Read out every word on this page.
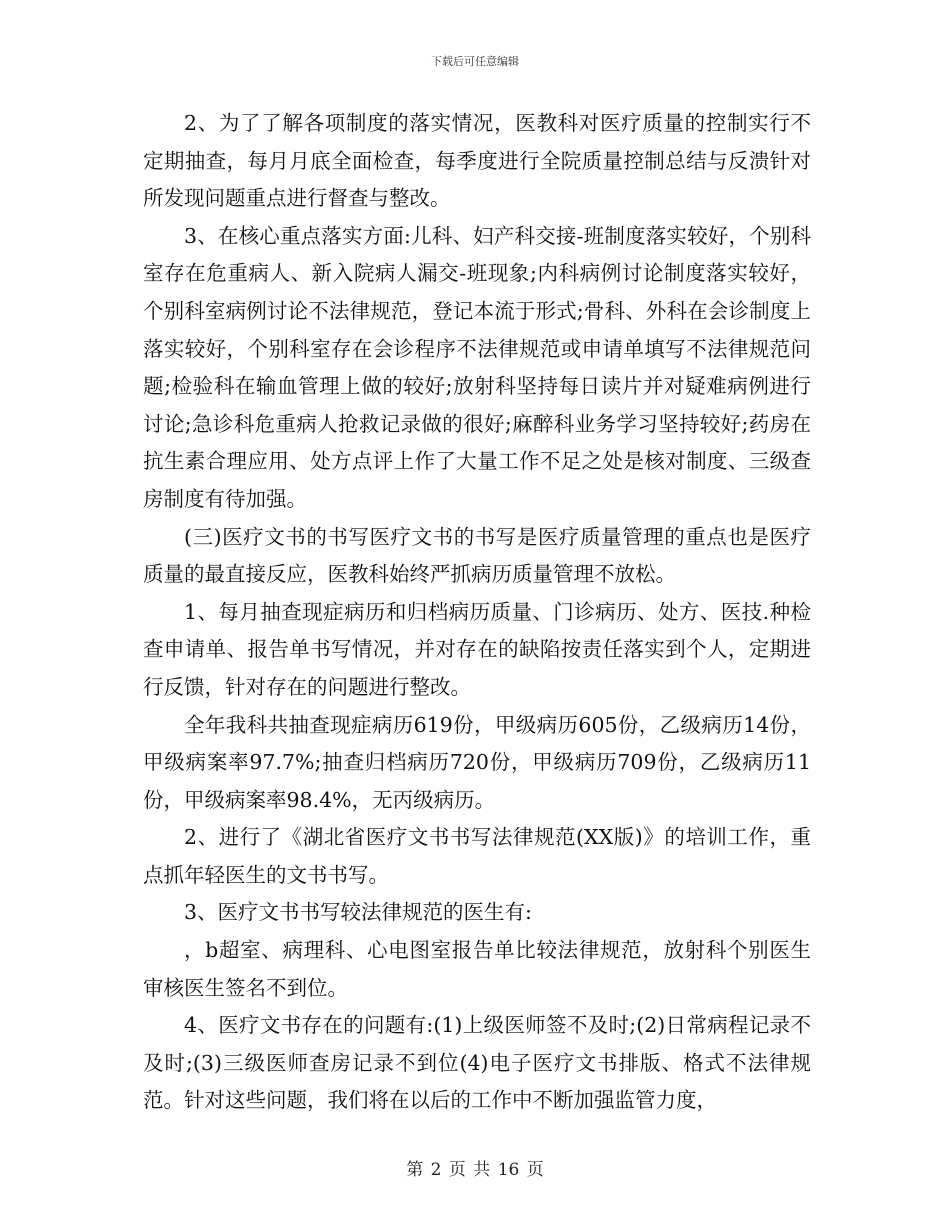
下载后可任意编辑

2、为了了解各项制度的落实情况，医教科对医疗质量的控制实行不定期抽查，每月月底全面检查，每季度进行全院质量控制总结与反溃针对所发现问题重点进行督查与整改。

3、在核心重点落实方面:儿科、妇产科交接-班制度落实较好，个别科室存在危重病人、新入院病人漏交-班现象;内科病例讨论制度落实较好，个别科室病例讨论不法律规范，登记本流于形式;骨科、外科在会诊制度上落实较好，个别科室存在会诊程序不法律规范或申请单填写不法律规范问题;检验科在输血管理上做的较好;放射科坚持每日读片并对疑难病例进行讨论;急诊科危重病人抢救记录做的很好;麻醉科业务学习坚持较好;药房在抗生素合理应用、处方点评上作了大量工作不足之处是核对制度、三级查房制度有待加强。

(三)医疗文书的书写医疗文书的书写是医疗质量管理的重点也是医疗质量的最直接反应，医教科始终严抓病历质量管理不放松。

1、每月抽查现症病历和归档病历质量、门诊病历、处方、医技.种检查申请单、报告单书写情况，并对存在的缺陷按责任落实到个人，定期进行反馈，针对存在的问题进行整改。

全年我科共抽查现症病历619份，甲级病历605份，乙级病历14份，甲级病案率97.7%;抽查归档病历720份，甲级病历709份，乙级病历11份，甲级病案率98.4%，无丙级病历。

2、进行了《湖北省医疗文书书写法律规范(XX版)》的培训工作，重点抓年轻医生的文书书写。

3、医疗文书书写较法律规范的医生有:

，b超室、病理科、心电图室报告单比较法律规范，放射科个别医生审核医生签名不到位。

4、医疗文书存在的问题有:(1)上级医师签不及时;(2)日常病程记录不及时;(3)三级医师查房记录不到位(4)电子医疗文书排版、格式不法律规范。针对这些问题，我们将在以后的工作中不断加强监管力度，

第 2 页 共 16 页
